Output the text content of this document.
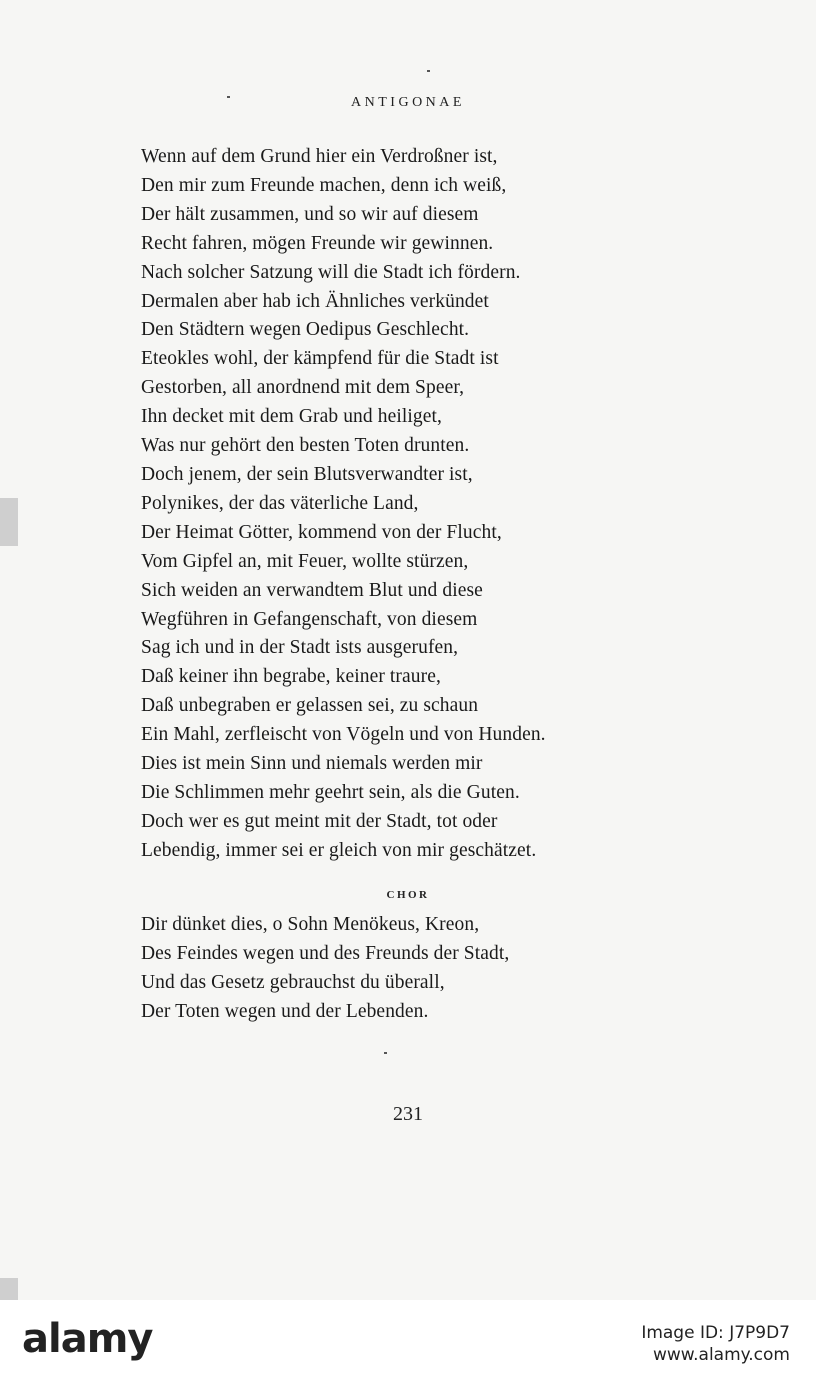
ANTIGONAE
Wenn auf dem Grund hier ein Verdroßner ist,
Den mir zum Freunde machen, denn ich weiß,
Der hält zusammen, und so wir auf diesem
Recht fahren, mögen Freunde wir gewinnen.
Nach solcher Satzung will die Stadt ich fördern.
Dermalen aber hab ich Ähnliches verkündet
Den Städtern wegen Oedipus Geschlecht.
Eteokles wohl, der kämpfend für die Stadt ist
Gestorben, all anordnend mit dem Speer,
Ihn decket mit dem Grab und heiliget,
Was nur gehört den besten Toten drunten.
Doch jenem, der sein Blutsverwandter ist,
Polynikes, der das väterliche Land,
Der Heimat Götter, kommend von der Flucht,
Vom Gipfel an, mit Feuer, wollte stürzen,
Sich weiden an verwandtem Blut und diese
Wegführen in Gefangenschaft, von diesem
Sag ich und in der Stadt ists ausgerufen,
Daß keiner ihn begrabe, keiner traure,
Daß unbegraben er gelassen sei, zu schaun
Ein Mahl, zerfleischt von Vögeln und von Hunden.
Dies ist mein Sinn und niemals werden mir
Die Schlimmen mehr geehrt sein, als die Guten.
Doch wer es gut meint mit der Stadt, tot oder
Lebendig, immer sei er gleich von mir geschätzet.
CHOR
Dir dünket dies, o Sohn Menökeus, Kreon,
Des Feindes wegen und des Freunds der Stadt,
Und das Gesetz gebrauchst du überall,
Der Toten wegen und der Lebenden.
231
alamy	Image ID: J7P9D7
www.alamy.com
